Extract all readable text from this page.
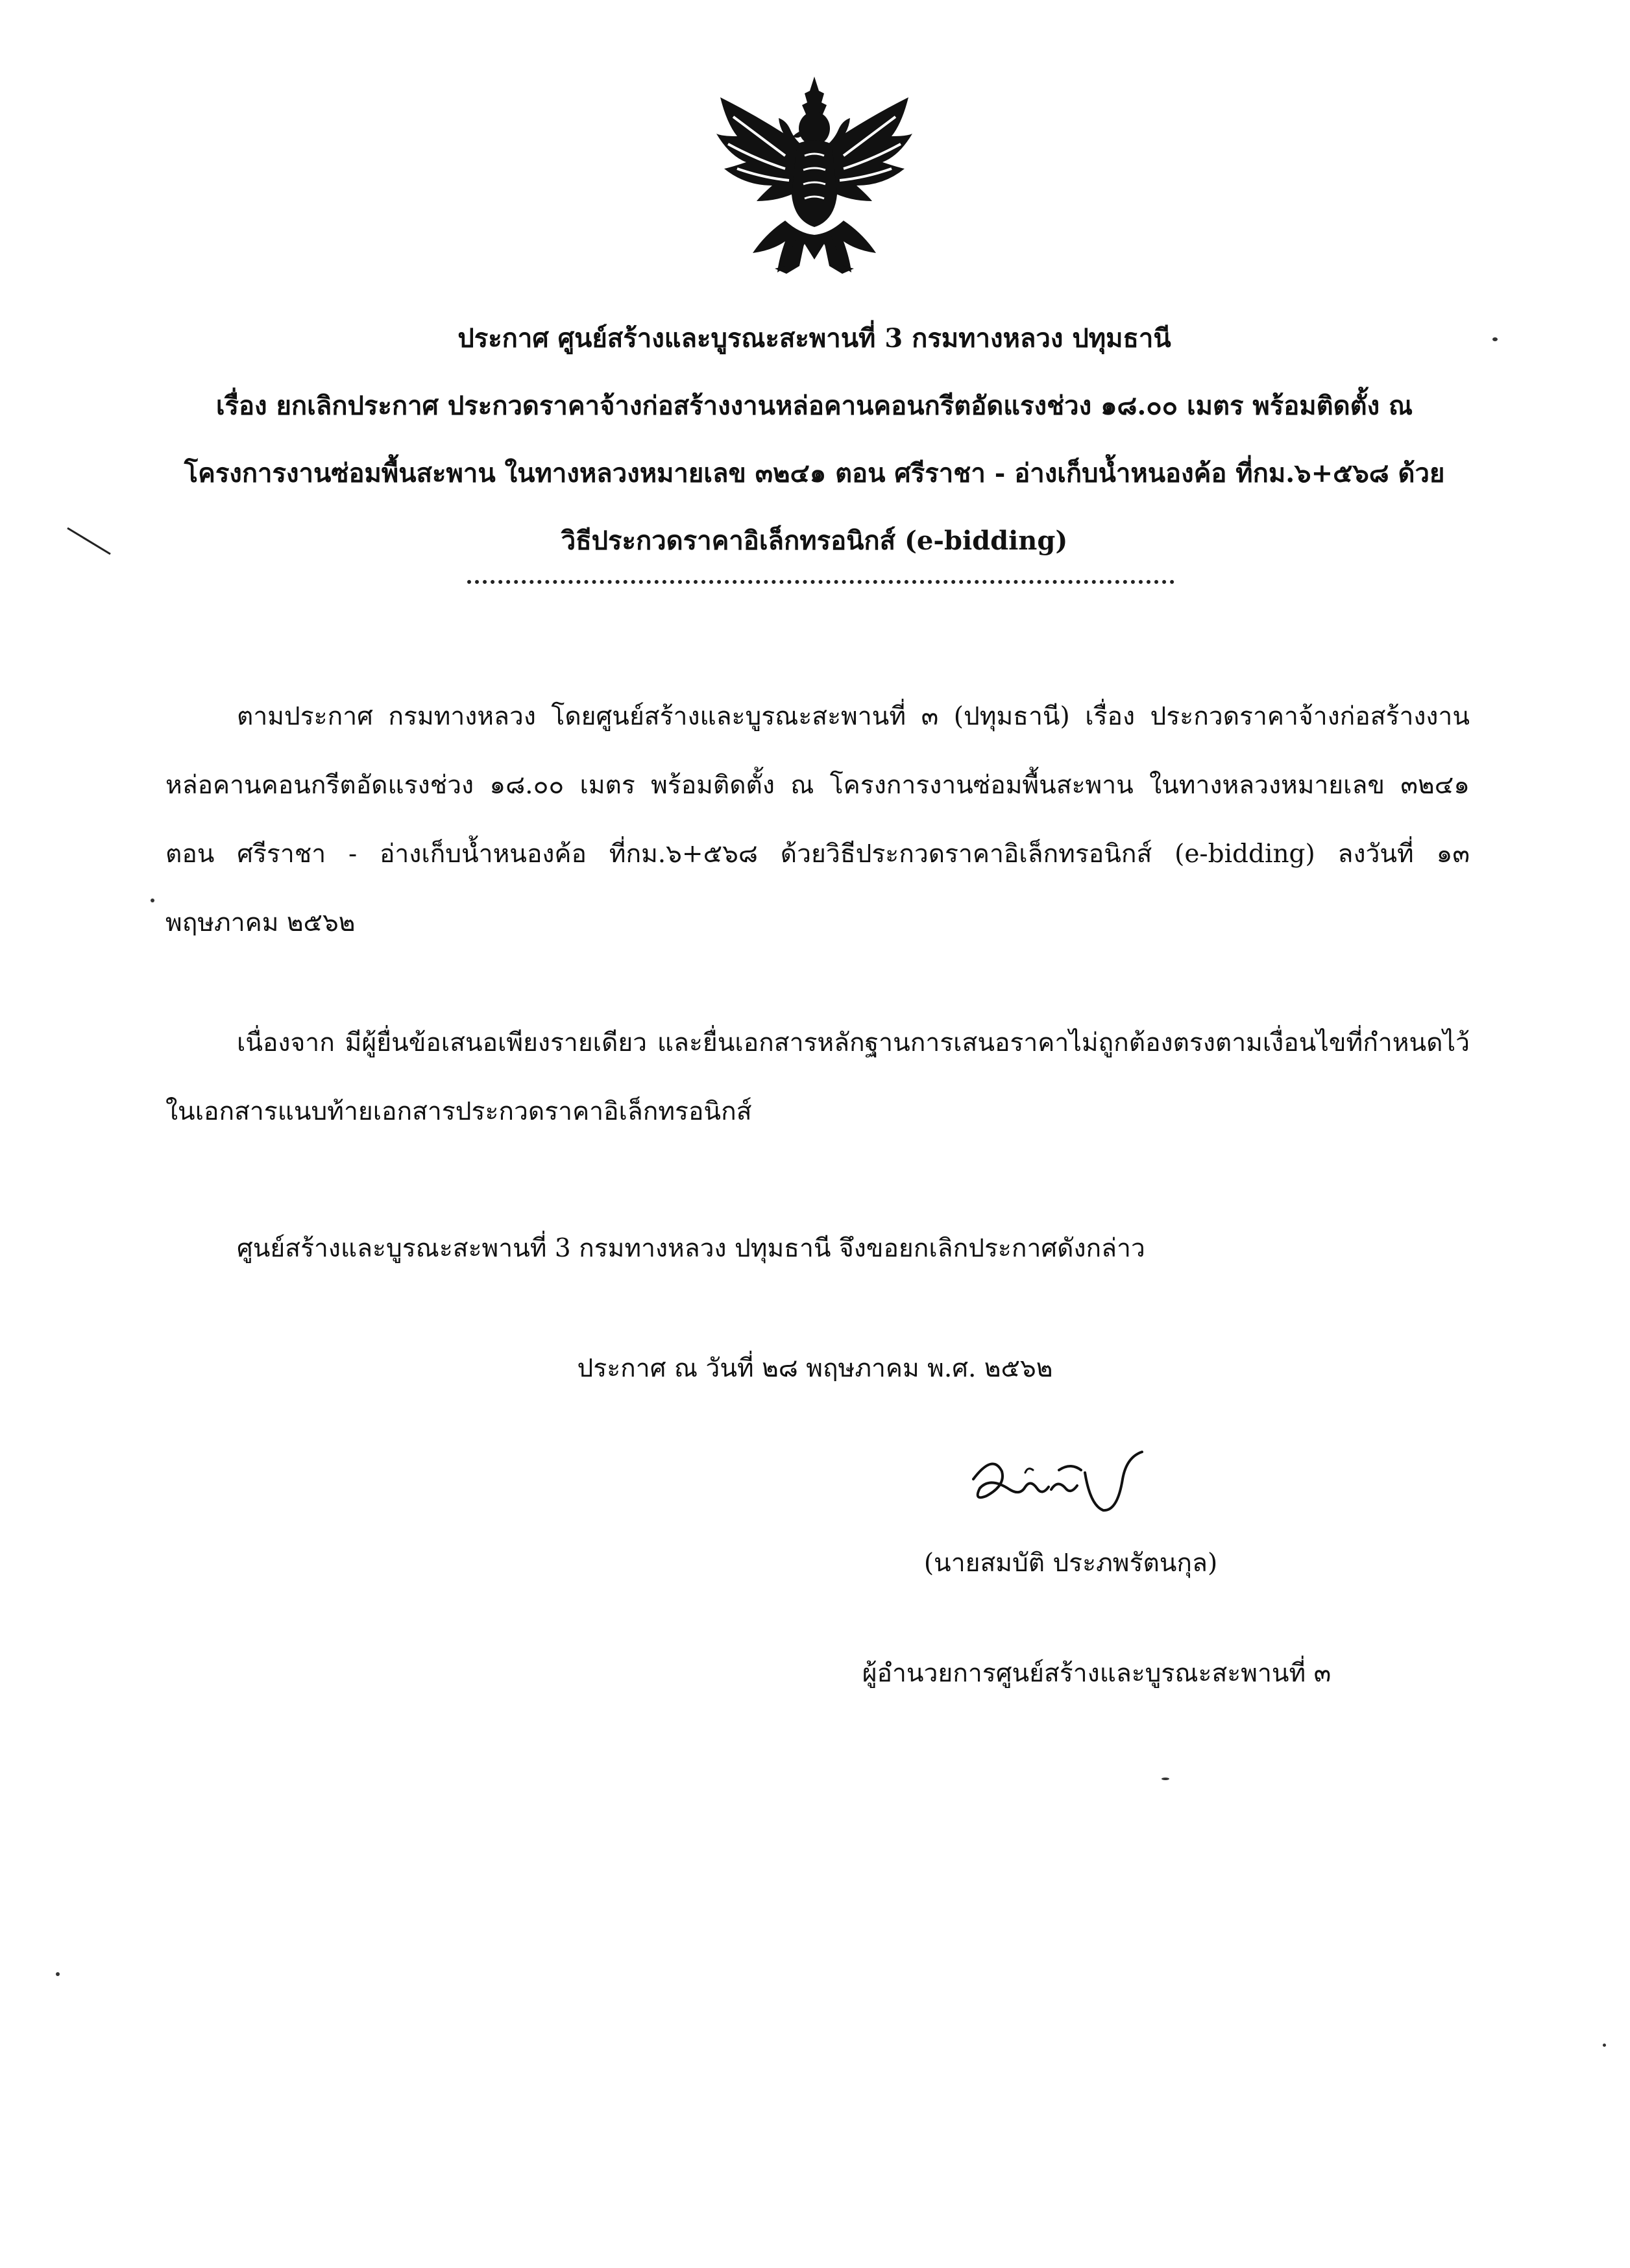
ประกาศ ศูนย์สร้างและบูรณะสะพานที่ 3 กรมทางหลวง ปทุมธานี
เรื่อง ยกเลิกประกาศ ประกวดราคาจ้างก่อสร้างงานหล่อคานคอนกรีตอัดแรงช่วง ๑๘.๐๐ เมตร พร้อมติดตั้ง ณ
โครงการงานซ่อมพื้นสะพาน ในทางหลวงหมายเลข ๓๒๔๑ ตอน ศรีราชา - อ่างเก็บน้ำหนองค้อ ที่กม.๖+๕๖๘ ด้วย
วิธีประกวดราคาอิเล็กทรอนิกส์ (e-bidding)
ตามประกาศ กรมทางหลวง โดยศูนย์สร้างและบูรณะสะพานที่ ๓ (ปทุมธานี) เรื่อง ประกวดราคาจ้างก่อสร้างงานหล่อคานคอนกรีตอัดแรงช่วง ๑๘.๐๐ เมตร พร้อมติดตั้ง ณ โครงการงานซ่อมพื้นสะพาน ในทางหลวงหมายเลข ๓๒๔๑ ตอน ศรีราชา - อ่างเก็บน้ำหนองค้อ ที่กม.๖+๕๖๘ ด้วยวิธีประกวดราคาอิเล็กทรอนิกส์ (e-bidding) ลงวันที่ ๑๓ พฤษภาคม ๒๕๖๒
เนื่องจาก มีผู้ยื่นข้อเสนอเพียงรายเดียว และยื่นเอกสารหลักฐานการเสนอราคาไม่ถูกต้องตรงตามเงื่อนไขที่กำหนดไว้ในเอกสารแนบท้ายเอกสารประกวดราคาอิเล็กทรอนิกส์
ศูนย์สร้างและบูรณะสะพานที่ 3 กรมทางหลวง ปทุมธานี จึงขอยกเลิกประกาศดังกล่าว
ประกาศ ณ วันที่ ๒๘ พฤษภาคม พ.ศ. ๒๕๖๒
(นายสมบัติ ประภพรัตนกุล)
ผู้อำนวยการศูนย์สร้างและบูรณะสะพานที่ ๓
